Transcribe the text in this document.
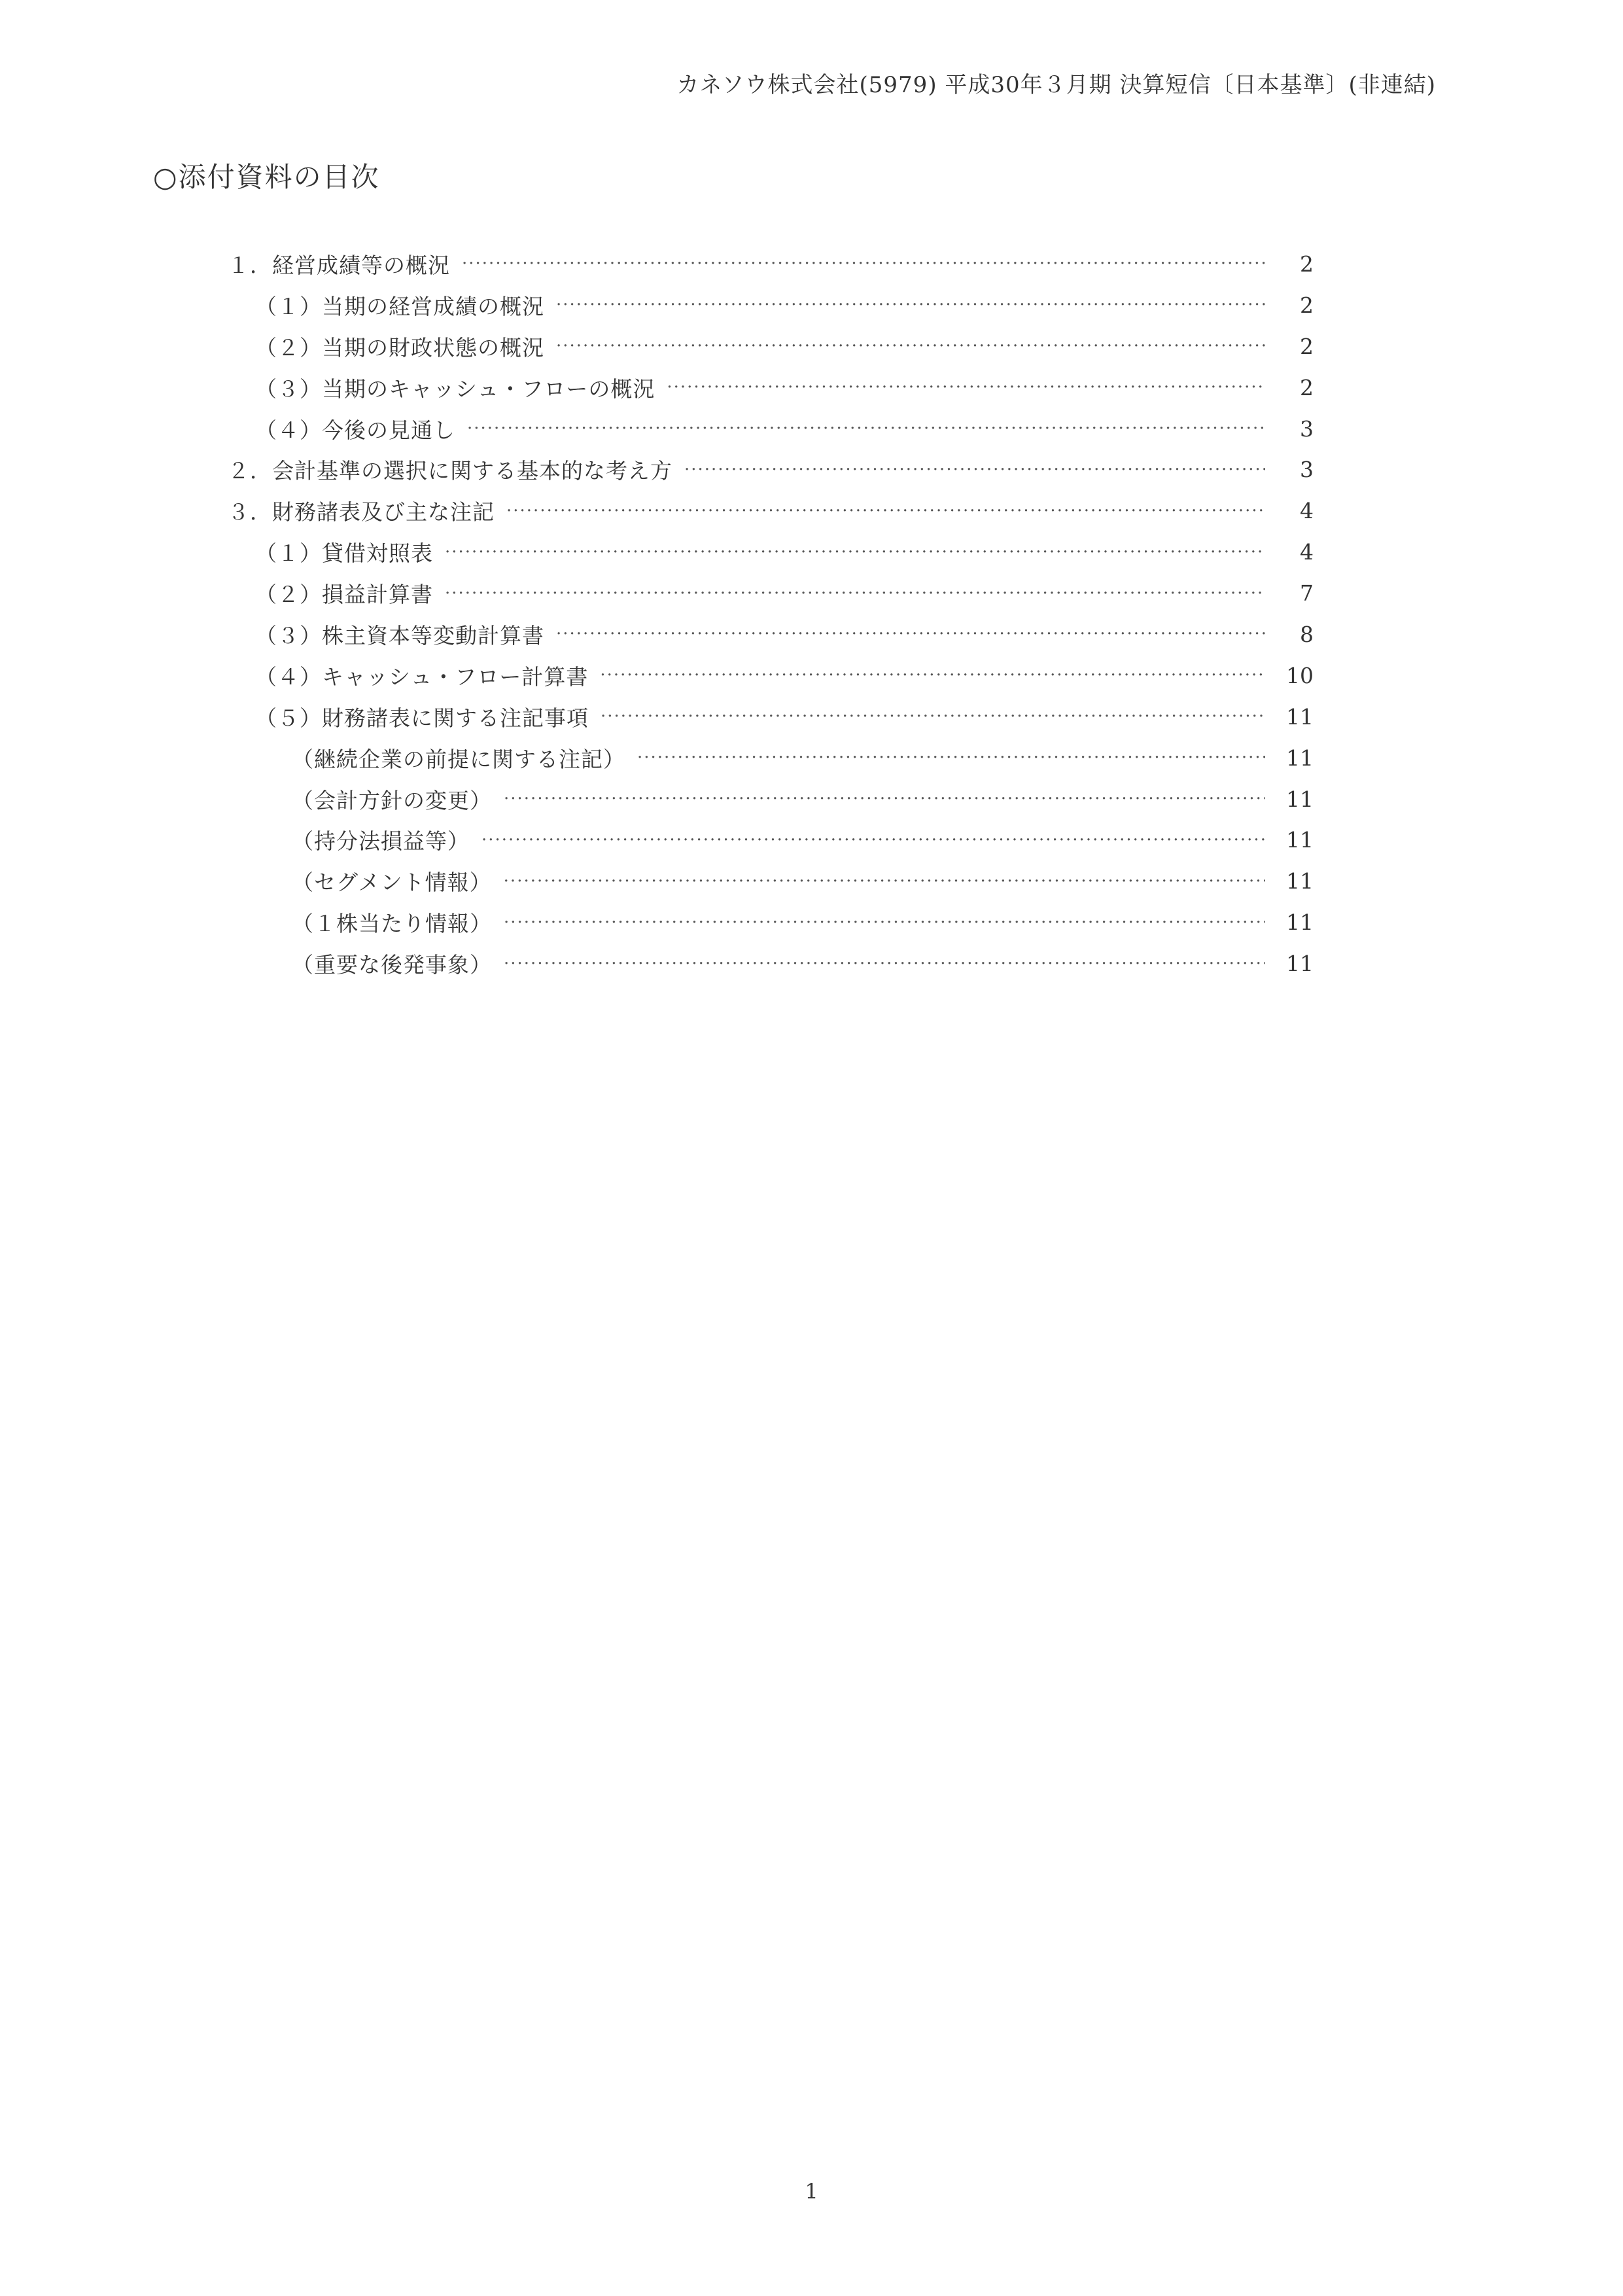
カネソウ株式会社(5979) 平成30年３月期 決算短信〔日本基準〕(非連結)
○添付資料の目次
１．経営成績等の概況 ·····	2
（１）当期の経営成績の概況 ·····	2
（２）当期の財政状態の概況 ·····	2
（３）当期のキャッシュ・フローの概況 ·····	2
（４）今後の見通し ·····	3
２．会計基準の選択に関する基本的な考え方 ·····	3
３．財務諸表及び主な注記 ·····	4
（１）貸借対照表 ·····	4
（２）損益計算書 ·····	7
（３）株主資本等変動計算書 ·····	8
（４）キャッシュ・フロー計算書 ·····	10
（５）財務諸表に関する注記事項 ·····	11
（継続企業の前提に関する注記） ·····	11
（会計方針の変更） ·····	11
（持分法損益等） ·····	11
（セグメント情報） ·····	11
（１株当たり情報） ·····	11
（重要な後発事象） ·····	11
1
